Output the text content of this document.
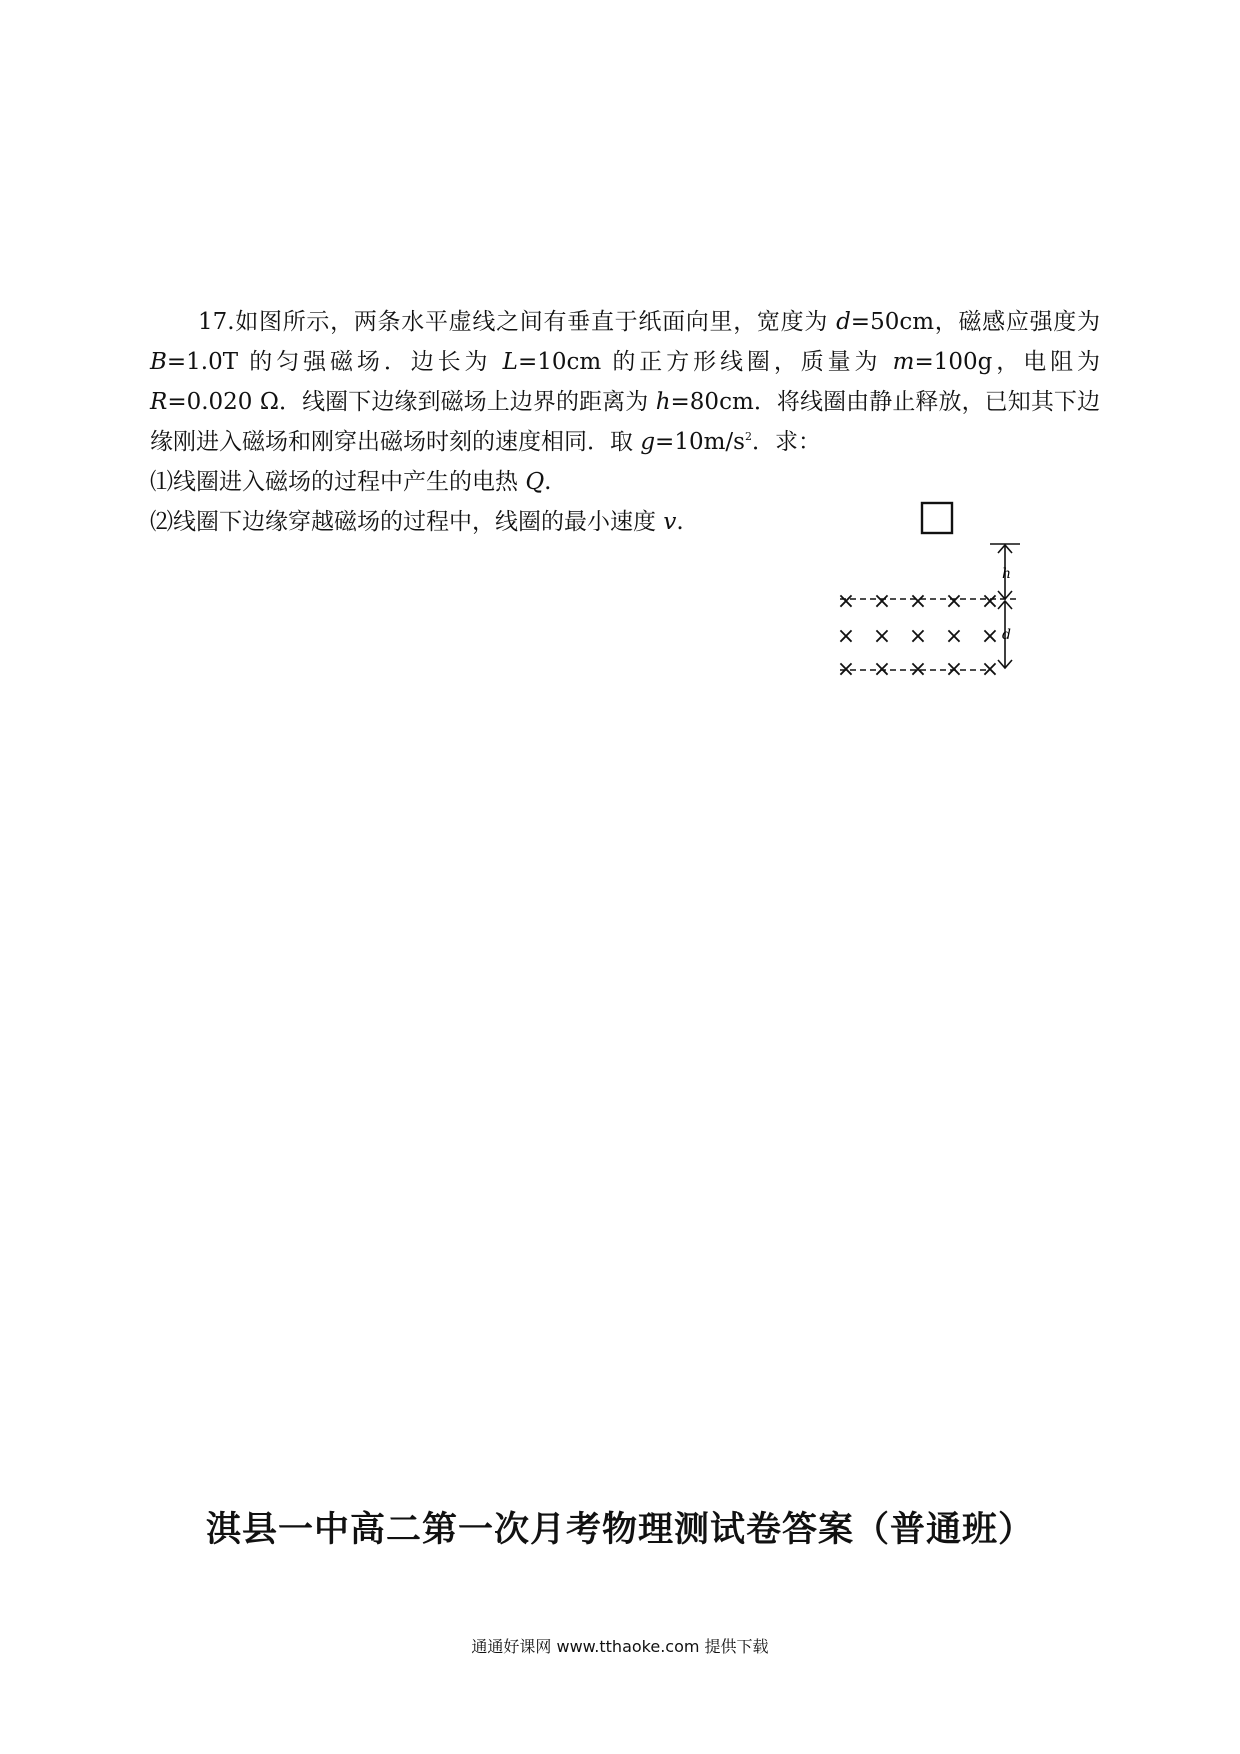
17.如图所示，两条水平虚线之间有垂直于纸面向里，宽度为 d=50cm，磁感应强度为 B=1.0T 的匀强磁场．边长为 L=10cm 的正方形线圈，质量为 m=100g，电阻为 R=0.020 Ω．线圈下边缘到磁场上边界的距离为 h=80cm．将线圈由静止释放，已知其下边缘刚进入磁场和刚穿出磁场时刻的速度相同．取 $g=10m/s^2$．求：

⑴线圈进入磁场的过程中产生的电热 Q.

⑵线圈下边缘穿越磁场的过程中，线圈的最小速度 v.

h
d
× × × × ×
× × × × ×
× × × × ×
淇县一中高二第一次月考物理测试卷答案（普通班）
通通好课网 www.tthaoke.com 提供下载
